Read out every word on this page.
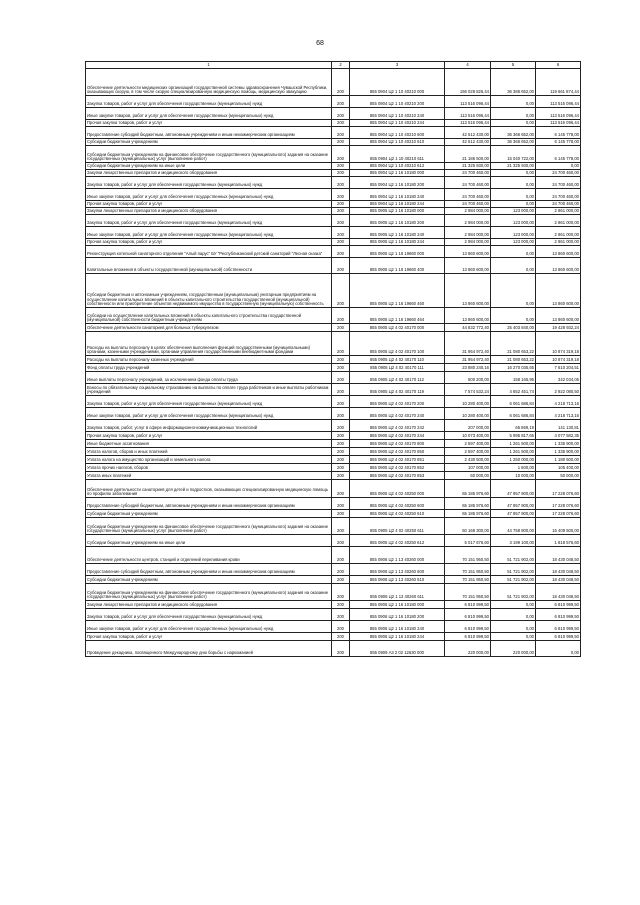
68
1	2	3	4	5	6
Обеспечение деятельности медицинских организаций государственной системы здравоохранения Чувашской Республики, оказывающих скорую, в том числе скорую специализированную медицинскую помощь, медицинскую эвакуацию	200	855 0904 Ц2 1 10 40210 000	156 028 826,44	36 386 652,00	119 661 874,44
Закупка товаров, работ и услуг для обеспечения государственных (муниципальных) нужд	200	855 0904 Ц2 1 10 40210 200	113 516 096,44	0,00	113 516 096,44
Иные закупки товаров, работ и услуг для обеспечения государственных (муниципальных) нужд	200	855 0904 Ц2 1 10 40210 240	113 516 096,44	0,00	113 516 096,44
Прочая закупка товаров, работ и услуг	200	855 0904 Ц2 1 10 40210 244	113 516 096,44	0,00	113 516 096,44
Предоставление субсидий бюджетным, автономным учреждениям и иным некоммерческим организациям	200	855 0904 Ц2 1 10 40210 600	42 512 430,00	36 366 652,00	6 145 778,00
Субсидии бюджетным учреждениям	200	855 0904 Ц2 1 10 40210 610	42 512 430,00	36 366 652,00	6 145 778,00
Субсидии бюджетным учреждениям на финансовое обеспечение государственного (муниципального) задания на оказание государственных (муниципальных) услуг (выполнение работ)	200	855 0904 Ц2 1 10 40210 611	21 186 500,00	15 040 722,00	6 145 778,00
Субсидии бюджетным учреждениям на иные цели	200	855 0904 Ц2 1 10 40210 612	21 325 930,00	21 325 930,00	0,00
Закупки лекарственных препаратов и медицинского оборудования	200	855 0904 Ц2 1 16 10180 000	24 700 460,00	0,00	24 700 460,00
Закупка товаров, работ и услуг для обеспечения государственных (муниципальных) нужд	200	855 0904 Ц2 1 16 10180 200	24 700 460,00	0,00	24 700 460,00
Иные закупки товаров, работ и услуг для обеспечения государственных (муниципальных) нужд	200	855 0904 Ц2 1 16 10180 240	24 700 460,00	0,00	24 700 460,00
Прочая закупка товаров, работ и услуг	200	855 0904 Ц2 1 16 10180 244	24 700 460,00	0,00	24 700 460,00
Закупки лекарственных препаратов и медицинского оборудования	200	855 0905 Ц2 1 16 10180 000	2 984 000,00	123 000,00	2 861 000,00
Закупка товаров, работ и услуг для обеспечения государственных (муниципальных) нужд	200	855 0905 Ц2 1 16 10180 200	2 984 000,00	123 000,00	2 861 000,00
Иные закупки товаров, работ и услуг для обеспечения государственных (муниципальных) нужд	200	855 0905 Ц2 1 16 10180 240	2 984 000,00	123 000,00	2 861 000,00
Прочая закупка товаров, работ и услуг	200	855 0905 Ц2 1 16 10180 244	2 984 000,00	123 000,00	2 861 000,00
Реконструкция котельной санаторного отделения "Алый парус" БУ "Республиканский детский санаторий "Лесная сказка"	200	855 0905 Ц2 1 16 19660 000	13 860 600,00	0,00	13 860 600,00
Капитальные вложения в объекты государственной (муниципальной) собственности	200	855 0905 Ц2 1 16 19660 400	13 860 600,00	0,00	13 860 600,00
Субсидии бюджетным и автономным учреждениям, государственным (муниципальным) унитарным предприятиям на осуществление капитальных вложений в объекты капитального строительства государственной (муниципальной) собственности или приобретение объектов недвижимого имущества в государственную (муниципальную) собственность	200	855 0905 Ц2 1 16 19660 460	13 860 600,00	0,00	13 860 600,00
Субсидии на осуществление капитальных вложений в объекты капитального строительства государственной (муниципальной) собственности бюджетным учреждениям	200	855 0905 Ц2 1 16 19660 464	13 860 600,00	0,00	13 860 600,00
Обеспечение деятельности санаториев для больных туберкулезом	200	855 0905 Ц2 4 02 40170 000	44 832 772,40	25 403 840,00	19 428 932,24
Расходы на выплаты персоналу в целях обеспечения выполнения функций государственными (муниципальными) органами, казенными учреждениями, органами управления государственными внебюджетными фондами	200	855 0905 Ц2 4 02 40170 100	31 954 972,40	21 080 653,22	10 874 319,18
Расходы на выплаты персоналу казенных учреждений	200	855 0905 Ц2 4 02 40170 110	31 954 972,40	21 080 653,22	10 874 319,18
Фонд оплаты труда учреждений	200	855 0905 Ц2 4 02 40170 111	23 880 240,16	16 270 035,65	7 610 204,51
Иные выплаты персоналу учреждений, за исключением фонда оплаты труда	200	855 0905 Ц2 4 02 40170 112	500 200,00	158 165,95	342 034,05
Взносы по обязательному социальному страхованию на выплаты по оплате труда работников и иные выплаты работникам учреждений	200	855 0905 Ц2 4 02 40170 119	7 574 532,24	4 652 451,74	2 922 080,50
Закупка товаров, работ и услуг для обеспечения государственных (муниципальных) нужд	200	855 0905 Ц2 4 02 40170 200	10 280 400,00	6 061 686,84	4 218 713,16
Иные закупки товаров, работ и услуг для обеспечения государственных (муниципальных) нужд	200	855 0905 Ц2 4 02 40170 240	10 280 400,00	6 061 686,84	4 218 713,16
Закупка товаров, работ, услуг в сфере информационно-коммуникационных технологий	200	855 0905 Ц2 4 02 40170 242	207 000,00	65 869,19	141 130,81
Прочая закупка товаров, работ и услуг	200	855 0905 Ц2 4 02 40170 244	10 073 400,00	5 995 817,65	4 077 582,35
Иные бюджетные ассигнования	200	855 0905 Ц2 4 02 40170 800	2 597 400,00	1 261 500,00	1 335 900,00
Уплата налогов, сборов и иных платежей	200	855 0905 Ц2 4 02 40170 850	2 597 400,00	1 261 500,00	1 335 900,00
Уплата налога на имущество организаций и земельного налога	200	855 0905 Ц2 4 02 40170 851	2 430 500,00	1 250 000,00	1 180 500,00
Уплата прочих налогов, сборов	200	855 0905 Ц2 4 02 40170 852	107 000,00	1 500,00	105 400,00
Уплата иных платежей	200	855 0905 Ц2 4 02 40170 853	60 000,00	10 000,00	50 000,00
Обеспечение деятельности санаториев для детей и подростков, оказывающих специализированную медицинскую помощь по профилю заболевания	200	855 0905 Ц2 4 02 40250 000	65 185 976,60	47 957 900,00	17 228 076,60
Предоставление субсидий бюджетным, автономным учреждениям и иным некоммерческим организациям	200	855 0905 Ц2 4 02 40250 600	65 185 976,60	47 957 900,00	17 228 076,60
Субсидии бюджетным учреждениям	200	855 0905 Ц2 4 02 40250 610	65 185 976,60	47 957 900,00	17 228 076,60
Субсидии бюджетным учреждениям на финансовое обеспечение государственного (муниципального) задания на оказание государственных (муниципальных) услуг (выполнение работ)	200	855 0905 Ц2 4 02 40250 611	60 168 300,00	44 758 800,00	15 409 500,00
Субсидии бюджетным учреждениям на иные цели	200	855 0905 Ц2 4 02 40250 612	5 017 676,60	3 199 100,00	1 818 576,60
Обеспечение деятельности центров, станций и отделений переливания крови	200	855 0906 Ц2 1 13 40260 000	70 151 950,50	51 721 902,00	18 430 048,50
Предоставление субсидий бюджетным, автономным учреждениям и иным некоммерческим организациям	200	855 0906 Ц2 1 13 40260 600	70 151 950,50	51 721 902,00	18 430 048,50
Субсидии бюджетным учреждениям	200	855 0906 Ц2 1 13 40260 610	70 151 950,50	51 721 902,00	18 430 048,50
Субсидии бюджетным учреждениям на финансовое обеспечение государственного (муниципального) задания на оказание государственных (муниципальных) услуг (выполнение работ)	200	855 0906 Ц2 1 13 40260 611	70 151 950,50	51 721 902,00	18 430 048,50
Закупки лекарственных препаратов и медицинского оборудования	200	855 0906 Ц2 1 16 10180 000	6 810 999,50	0,00	6 810 999,50
Закупка товаров, работ и услуг для обеспечения государственных (муниципальных) нужд	200	855 0906 Ц2 1 16 10180 200	6 810 999,50	0,00	6 810 999,50
Иные закупки товаров, работ и услуг для обеспечения государственных (муниципальных) нужд	200	855 0906 Ц2 1 16 10180 240	6 810 999,50	0,00	6 810 999,50
Прочая закупка товаров, работ и услуг	200	855 0906 Ц2 1 16 10180 244	6 810 999,50	0,00	6 810 999,50
Проведение декадника, посвященного Международному дню борьбы с наркоманией	200	855 0909 А3 2 02 12630 000	220 000,00	220 000,00	0,00
